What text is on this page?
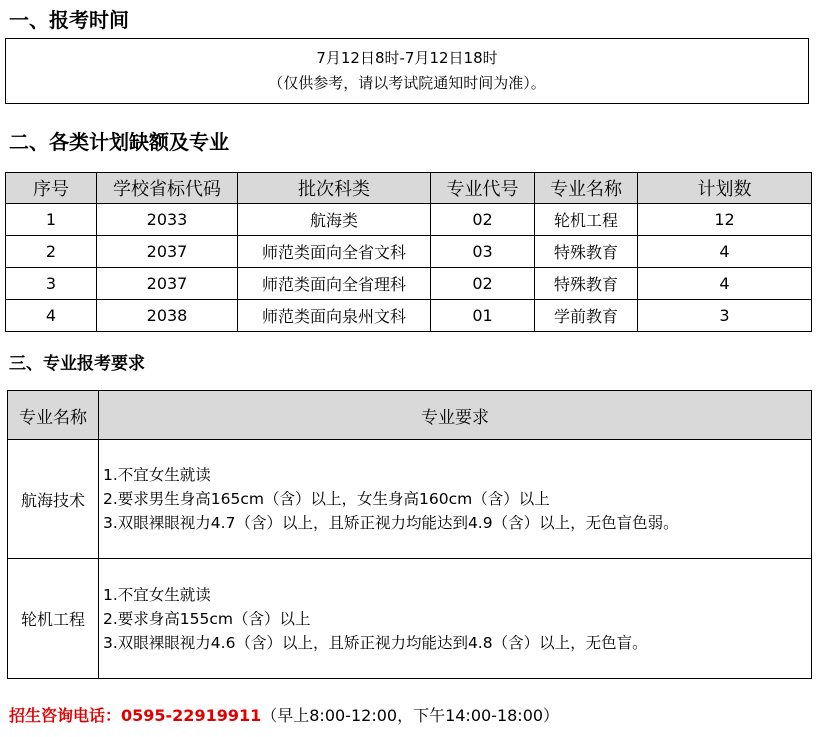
一、报考时间
7月12日8时-7月12日18时
（仅供参考，请以考试院通知时间为准）。
二、各类计划缺额及专业
序号	学校省标代码	批次科类	专业代号	专业名称	计划数
1	2033	航海类	02	轮机工程	12
2	2037	师范类面向全省文科	03	特殊教育	4
3	2037	师范类面向全省理科	02	特殊教育	4
4	2038	师范类面向泉州文科	01	学前教育	3
三、专业报考要求
专业名称	专业要求
航海技术	1.不宜女生就读
2.要求男生身高165cm（含）以上，女生身高160cm（含）以上
3.双眼裸眼视力4.7（含）以上，且矫正视力均能达到4.9（含）以上，无色盲色弱。

轮机工程	1.不宜女生就读
2.要求身高155cm（含）以上
3.双眼裸眼视力4.6（含）以上，且矫正视力均能达到4.8（含）以上，无色盲。
招生咨询电话：0595-22919911（早上8:00-12:00，下午14:00-18:00）
